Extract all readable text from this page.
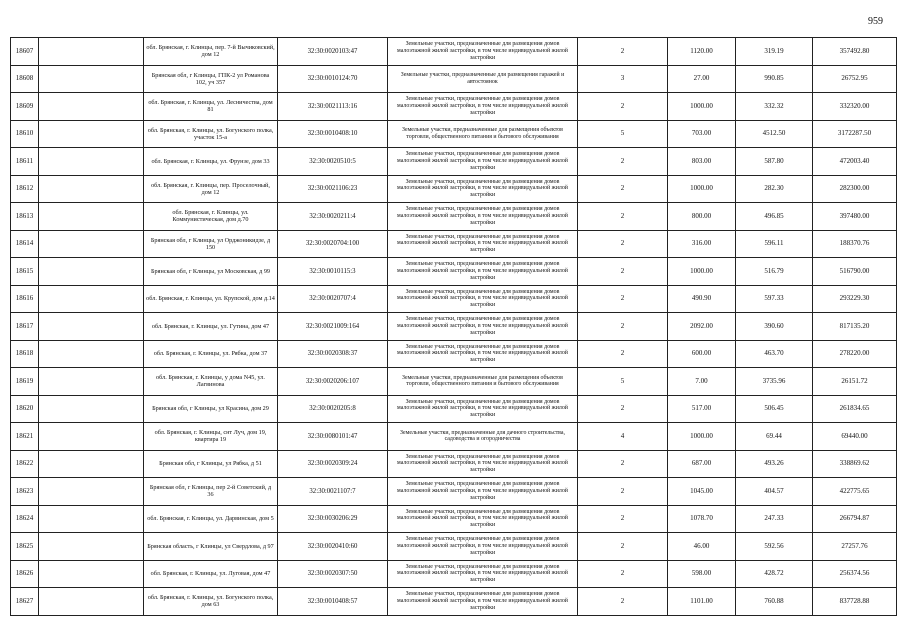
959
18607		обл. Брянская, г. Клинцы, пер. 7-й Вычиковский, дом 12	32:30:0020103:47	Земельные участки, предназначенные для размещения домов малоэтажной жилой застройки, в том числе индивидуальной жилой застройки	2	1120.00	319.19	357492.80
18608		Брянская обл, г Клинцы, ГПК-2 ул Романова 102, уч 357	32:30:0010124:70	Земельные участки, предназначенные для размещения гаражей и автостоянок	3	27.00	990.85	26752.95
18609		обл. Брянская, г. Клинцы, ул. Лесничества, дом 81	32:30:0021113:16	Земельные участки, предназначенные для размещения домов малоэтажной жилой застройки, в том числе индивидуальной жилой застройки	2	1000.00	332.32	332320.00
18610		обл. Брянская, г. Клинцы, ул. Богунского полка, участок 15-а	32:30:0010408:10	Земельные участки, предназначенные для размещения объектов торговли, общественного питания и бытового обслуживания	5	703.00	4512.50	3172287.50
18611		обл. Брянская, г. Клинцы, ул. Фрунзе, дом 33	32:30:0020510:5	Земельные участки, предназначенные для размещения домов малоэтажной жилой застройки, в том числе индивидуальной жилой застройки	2	803.00	587.80	472003.40
18612		обл. Брянская, г. Клинцы, пер. Проселочный, дом 12	32:30:0021106:23	Земельные участки, предназначенные для размещения домов малоэтажной жилой застройки, в том числе индивидуальной жилой застройки	2	1000.00	282.30	282300.00
18613		обл. Брянская, г. Клинцы, ул. Коммунистическая, дом д.70	32:30:0020211:4	Земельные участки, предназначенные для размещения домов малоэтажной жилой застройки, в том числе индивидуальной жилой застройки	2	800.00	496.85	397480.00
18614		Брянская обл, г Клинцы, ул Орджоникидзе, д 150	32:30:0020704:100	Земельные участки, предназначенные для размещения домов малоэтажной жилой застройки, в том числе индивидуальной жилой застройки	2	316.00	596.11	188370.76
18615		Брянская обл, г Клинцы, ул Московская, д 99	32:30:0010115:3	Земельные участки, предназначенные для размещения домов малоэтажной жилой застройки, в том числе индивидуальной жилой застройки	2	1000.00	516.79	516790.00
18616		обл. Брянская, г. Клинцы, ул. Крупской, дом д.14	32:30:0020707:4	Земельные участки, предназначенные для размещения домов малоэтажной жилой застройки, в том числе индивидуальной жилой застройки	2	490.90	597.33	293229.30
18617		обл. Брянская, г. Клинцы, ул. Гутина, дом 47	32:30:0021009:164	Земельные участки, предназначенные для размещения домов малоэтажной жилой застройки, в том числе индивидуальной жилой застройки	2	2092.00	390.60	817135.20
18618		обл. Брянская, г. Клинцы, ул. Рябка, дом 37	32:30:0020308:37	Земельные участки, предназначенные для размещения домов малоэтажной жилой застройки, в том числе индивидуальной жилой застройки	2	600.00	463.70	278220.00
18619		обл. Брянская, г. Клинцы, у дома N45, ул. Лагвинова	32:30:0020206:107	Земельные участки, предназначенные для размещения объектов торговли, общественного питания и бытового обслуживания	5	7.00	3735.96	26151.72
18620		Брянская обл, г Клинцы, ул Красина, дом 29	32:30:0020205:8	Земельные участки, предназначенные для размещения домов малоэтажной жилой застройки, в том числе индивидуальной жилой застройки	2	517.00	506.45	261834.65
18621		обл. Брянская, г. Клинцы, снт Луч, дом 19, квартира 19	32:30:0080101:47	Земельные участки, предназначенные для дачного строительства, садоводства и огородничества	4	1000.00	69.44	69440.00
18622		Брянская обл, г Клинцы, ул Рябка, д 51	32:30:0020309:24	Земельные участки, предназначенные для размещения домов малоэтажной жилой застройки, в том числе индивидуальной жилой застройки	2	687.00	493.26	338869.62
18623		Брянская обл, г Клинцы, пер 2-й Советский, д 36	32:30:0021107:7	Земельные участки, предназначенные для размещения домов малоэтажной жилой застройки, в том числе индивидуальной жилой застройки	2	1045.00	404.57	422775.65
18624		обл. Брянская, г. Клинцы, ул. Дарвинская, дом 5	32:30:0030206:29	Земельные участки, предназначенные для размещения домов малоэтажной жилой застройки, в том числе индивидуальной жилой застройки	2	1078.70	247.33	266794.87
18625		Брянская область, г Клинцы, ул Свердлова, д 97	32:30:0020410:60	Земельные участки, предназначенные для размещения домов малоэтажной жилой застройки, в том числе индивидуальной жилой застройки	2	46.00	592.56	27257.76
18626		обл. Брянская, г. Клинцы, ул. Луговая, дом 47	32:30:0020307:50	Земельные участки, предназначенные для размещения домов малоэтажной жилой застройки, в том числе индивидуальной жилой застройки	2	598.00	428.72	256374.56
18627		обл. Брянская, г. Клинцы, ул. Богунского полка, дом 63	32:30:0010408:57	Земельные участки, предназначенные для размещения домов малоэтажной жилой застройки, в том числе индивидуальной жилой застройки	2	1101.00	760.88	837728.88
